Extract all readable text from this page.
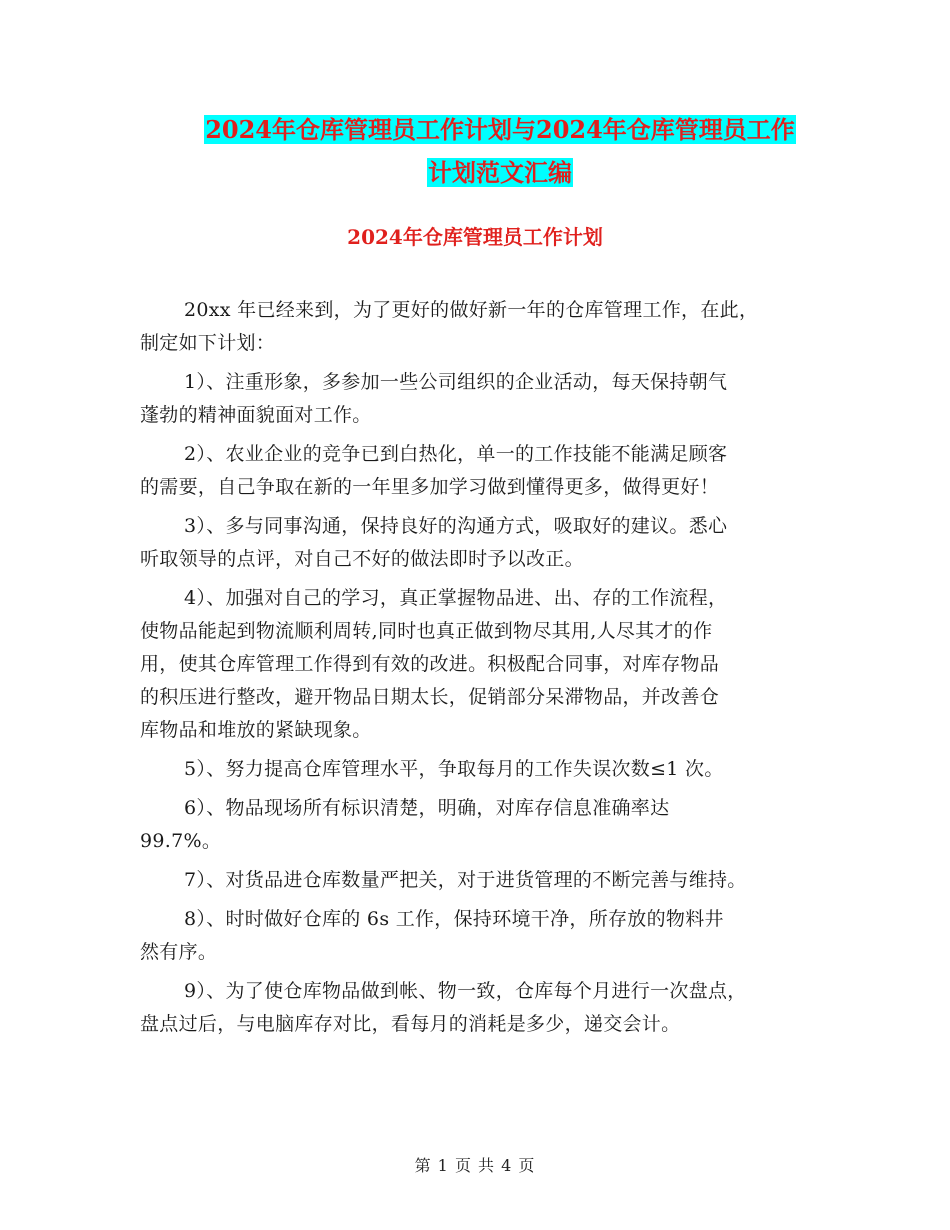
2024年仓库管理员工作计划与2024年仓库管理员工作
计划范文汇编
2024年仓库管理员工作计划
20xx 年已经来到，为了更好的做好新一年的仓库管理工作，在此，
制定如下计划：
1）、注重形象，多参加一些公司组织的企业活动，每天保持朝气
蓬勃的精神面貌面对工作。
2）、农业企业的竞争已到白热化，单一的工作技能不能满足顾客
的需要，自己争取在新的一年里多加学习做到懂得更多，做得更好！
3）、多与同事沟通，保持良好的沟通方式，吸取好的建议。悉心
听取领导的点评，对自己不好的做法即时予以改正。
4）、加强对自己的学习，真正掌握物品进、出、存的工作流程，
使物品能起到物流顺利周转,同时也真正做到物尽其用,人尽其才的作
用，使其仓库管理工作得到有效的改进。积极配合同事，对库存物品
的积压进行整改，避开物品日期太长，促销部分呆滞物品，并改善仓
库物品和堆放的紧缺现象。
5）、努力提高仓库管理水平，争取每月的工作失误次数≤1 次。
6）、物品现场所有标识清楚，明确，对库存信息准确率达
99.7%。
7）、对货品进仓库数量严把关，对于进货管理的不断完善与维持。
8）、时时做好仓库的 6s 工作，保持环境干净，所存放的物料井
然有序。
9）、为了使仓库物品做到帐、物一致，仓库每个月进行一次盘点，
盘点过后，与电脑库存对比，看每月的消耗是多少，递交会计。
第 1 页 共 4 页
